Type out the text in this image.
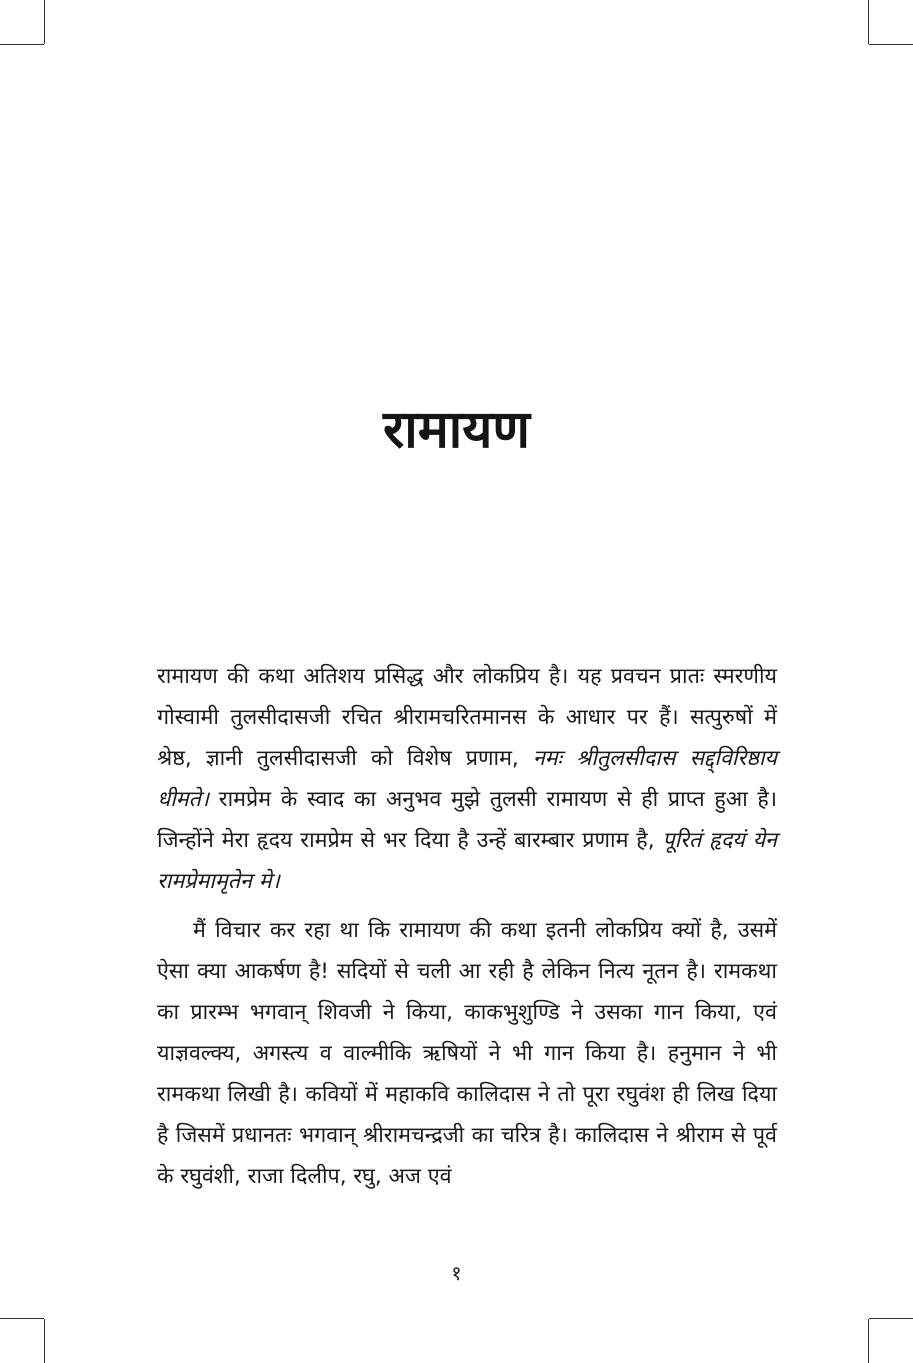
रामायण

रामायण की कथा अतिशय प्रसिद्ध और लोकप्रिय है। यह प्रवचन प्रातः स्मरणीय गोस्वामी तुलसीदासजी रचित श्रीरामचरितमानस के आधार पर हैं। सत्पुरुषों में श्रेष्ठ, ज्ञानी तुलसीदासजी को विशेष प्रणाम, नमः श्रीतुलसीदास सद्द्विरिष्ठाय धीमते। रामप्रेम के स्वाद का अनुभव मुझे तुलसी रामायण से ही प्राप्त हुआ है। जिन्होंने मेरा हृदय रामप्रेम से भर दिया है उन्हें बारम्बार प्रणाम है, पूरितं हृदयं येन रामप्रेमामृतेन मे।

मैं विचार कर रहा था कि रामायण की कथा इतनी लोकप्रिय क्यों है, उसमें ऐसा क्या आकर्षण है! सदियों से चली आ रही है लेकिन नित्य नूतन है। रामकथा का प्रारम्भ भगवान् शिवजी ने किया, काकभुशुण्डि ने उसका गान किया, एवं याज्ञवल्क्य, अगस्त्य व वाल्मीकि ऋषियों ने भी गान किया है। हनुमान ने भी रामकथा लिखी है। कवियों में महाकवि कालिदास ने तो पूरा रघुवंश ही लिख दिया है जिसमें प्रधानतः भगवान् श्रीरामचन्द्रजी का चरित्र है। कालिदास ने श्रीराम से पूर्व के रघुवंशी, राजा दिलीप, रघु, अज एवं

१
